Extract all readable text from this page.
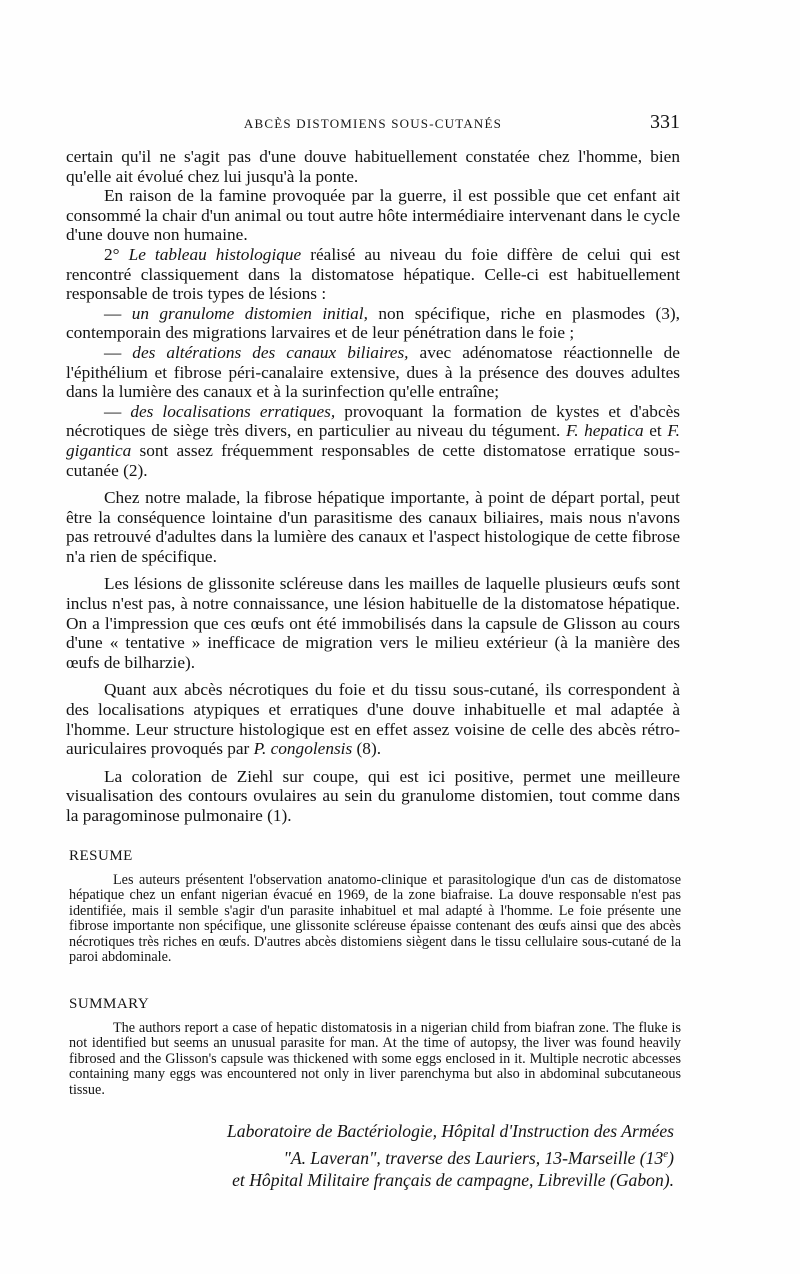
ABCÈS DISTOMIENS SOUS-CUTANÉS	331

certain qu'il ne s'agit pas d'une douve habituellement constatée chez l'homme, bien qu'elle ait évolué chez lui jusqu'à la ponte.

En raison de la famine provoquée par la guerre, il est possible que cet enfant ait consommé la chair d'un animal ou tout autre hôte intermédiaire intervenant dans le cycle d'une douve non humaine.

2° Le tableau histologique réalisé au niveau du foie diffère de celui qui est rencontré classiquement dans la distomatose hépatique. Celle-ci est habituellement responsable de trois types de lésions :

— un granulome distomien initial, non spécifique, riche en plasmodes (3), contemporain des migrations larvaires et de leur pénétration dans le foie ;

— des altérations des canaux biliaires, avec adénomatose réactionnelle de l'épithélium et fibrose péri-canalaire extensive, dues à la présence des douves adultes dans la lumière des canaux et à la surinfection qu'elle entraîne;

— des localisations erratiques, provoquant la formation de kystes et d'abcès nécrotiques de siège très divers, en particulier au niveau du tégument. F. hepatica et F. gigantica sont assez fréquemment responsables de cette distomatose erratique sous-cutanée (2).

Chez notre malade, la fibrose hépatique importante, à point de départ portal, peut être la conséquence lointaine d'un parasitisme des canaux biliaires, mais nous n'avons pas retrouvé d'adultes dans la lumière des canaux et l'aspect histologique de cette fibrose n'a rien de spécifique.

Les lésions de glissonite scléreuse dans les mailles de laquelle plusieurs œufs sont inclus n'est pas, à notre connaissance, une lésion habituelle de la distomatose hépatique. On a l'impression que ces œufs ont été immobilisés dans la capsule de Glisson au cours d'une « tentative » inefficace de migration vers le milieu extérieur (à la manière des œufs de bilharzie).

Quant aux abcès nécrotiques du foie et du tissu sous-cutané, ils correspondent à des localisations atypiques et erratiques d'une douve inhabituelle et mal adaptée à l'homme. Leur structure histologique est en effet assez voisine de celle des abcès rétro-auriculaires provoqués par P. congolensis (8).

La coloration de Ziehl sur coupe, qui est ici positive, permet une meilleure visualisation des contours ovulaires au sein du granulome distomien, tout comme dans la paragominose pulmonaire (1).

RESUME
Les auteurs présentent l'observation anatomo-clinique et parasitologique d'un cas de distomatose hépatique chez un enfant nigerian évacué en 1969, de la zone biafraise. La douve responsable n'est pas identifiée, mais il semble s'agir d'un parasite inhabituel et mal adapté à l'homme. Le foie présente une fibrose importante non spécifique, une glissonite scléreuse épaisse contenant des œufs ainsi que des abcès nécrotiques très riches en œufs. D'autres abcès distomiens siègent dans le tissu cellulaire sous-cutané de la paroi abdominale.
SUMMARY
The authors report a case of hepatic distomatosis in a nigerian child from biafran zone. The fluke is not identified but seems an unusual parasite for man. At the time of autopsy, the liver was found heavily fibrosed and the Glisson's capsule was thickened with some eggs enclosed in it. Multiple necrotic abcesses containing many eggs was encountered not only in liver parenchyma but also in abdominal subcutaneous tissue.
Laboratoire de Bactériologie, Hôpital d'Instruction des Armées
"A. Laveran", traverse des Lauriers, 13-Marseille (13e)
et Hôpital Militaire français de campagne, Libreville (Gabon).
